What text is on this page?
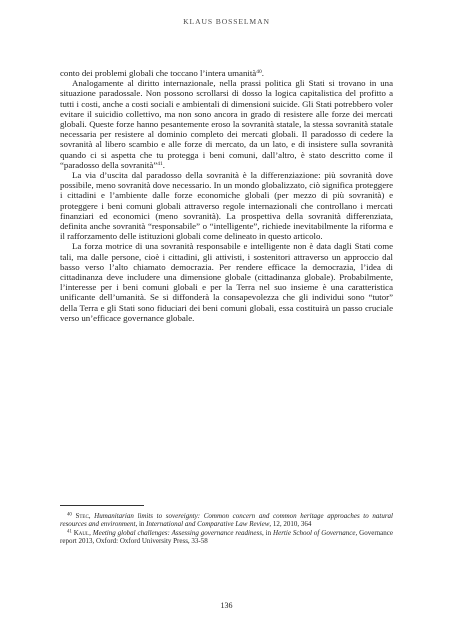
KLAUS BOSSELMAN

conto dei problemi globali che toccano l’intera umanità$^{40}$.

Analogamente al diritto internazionale, nella prassi politica gli Stati si trovano in una situazione paradossale. Non possono scrollarsi di dosso la logica capitalistica del profitto a tutti i costi, anche a costi sociali e ambientali di dimensioni suicide. Gli Stati potrebbero voler evitare il suicidio collettivo, ma non sono ancora in grado di resistere alle forze dei mercati globali. Queste forze hanno pesantemente eroso la sovranità statale, la stessa sovranità statale necessaria per resistere al dominio completo dei mercati globali. Il paradosso di cedere la sovranità al libero scambio e alle forze di mercato, da un lato, e di insistere sulla sovranità quando ci si aspetta che tu protegga i beni comuni, dall’altro, è stato descritto come il “paradosso della sovranità”$^{41}$.

La via d’uscita dal paradosso della sovranità è la differenziazione: più sovranità dove possibile, meno sovranità dove necessario. In un mondo globalizzato, ciò significa proteggere i cittadini e l’ambiente dalle forze economiche globali (per mezzo di più sovranità) e proteggere i beni comuni globali attraverso regole internazionali che controllano i mercati finanziari ed economici (meno sovranità). La prospettiva della sovranità differenziata, definita anche sovranità “responsabile” o “intelligente”, richiede inevitabilmente la riforma e il rafforzamento delle istituzioni globali come delineato in questo articolo.

La forza motrice di una sovranità responsabile e intelligente non è data dagli Stati come tali, ma dalle persone, cioè i cittadini, gli attivisti, i sostenitori attraverso un approccio dal basso verso l’alto chiamato democrazia. Per rendere efficace la democrazia, l’idea di cittadinanza deve includere una dimensione globale (cittadinanza globale). Probabilmente, l’interesse per i beni comuni globali e per la Terra nel suo insieme è una caratteristica unificante dell’umanità. Se si diffonderà la consapevolezza che gli individui sono “tutor” della Terra e gli Stati sono fiduciari dei beni comuni globali, essa costituirà un passo cruciale verso un’efficace governance globale.

$^{40}$ Stec, Humanitarian limits to sovereignty: Common concern and common heritage approaches to natural resources and environment, in International and Comparative Law Review, 12, 2010, 364

$^{41}$ Kaul, Meeting global challenges: Assessing governance readiness, in Hertie School of Governance, Governance report 2013, Oxford: Oxford University Press, 33-58

136
